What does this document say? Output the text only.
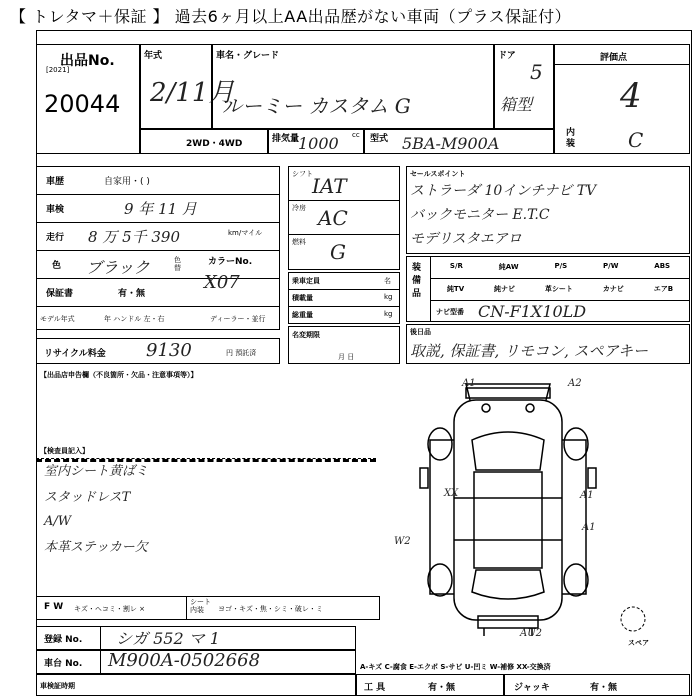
【 トレタマ＋保証 】 過去6ヶ月以上AA出品歴がない車両（プラス保証付）
出品No.
[2021]
20044
年式
2/11月
車名・グレード
ルーミー カスタム G
ドア
5
箱型
評価点
4
内装	C
2WD・4WD	排気量	cc
1000	型式 5BA-M900A
車歴	自家用・( )
車検	9 年 11 月
走行 8 万 5千 390	km/マイル
色 ブラック	色替
カラーNo.
X07
保証書	有・無
モデル年式	年 ハンドル 左・右	ディーラー・並行
リサイクル料金 9130	円 預託済
シフト IAT
冷房 AC
燃料 G
乗車定員	名
積載量	kg
総重量	kg
名変期限
月 日
セールスポイント
ストラーダ 10インチナビ TV
バックモニター E.T.C
モデリスタエアロ
装備品
S/R	純AW	P/S	P/W	ABS
純TV	純ナビ	革シート	カナビ	エアB
ナビ型番 CN-F1X10LD
後日品
取説, 保証書, リモコン, スペアキー
【出品店申告欄（不良箇所・欠品・注意事項等）】
【検査員記入】
室内シート黄ばミ
スタッドレスT
A/W
本革ステッカー欠
A1	A2
XX	A1
A1
W2
AU2
スペア
F W キズ・ヘコミ・割レ ×
シート内装	ヨゴ・キズ・焦・シミ・破レ・ミ
登録 No. シガ 552 マ 1
車台 No. M900A-0502668	A-キズ C-腐食 E-エクボ S-サビ U-凹ミ W-補修 XX-交換済
車検証時期	工 具	有・無	ジャッキ	有・無
